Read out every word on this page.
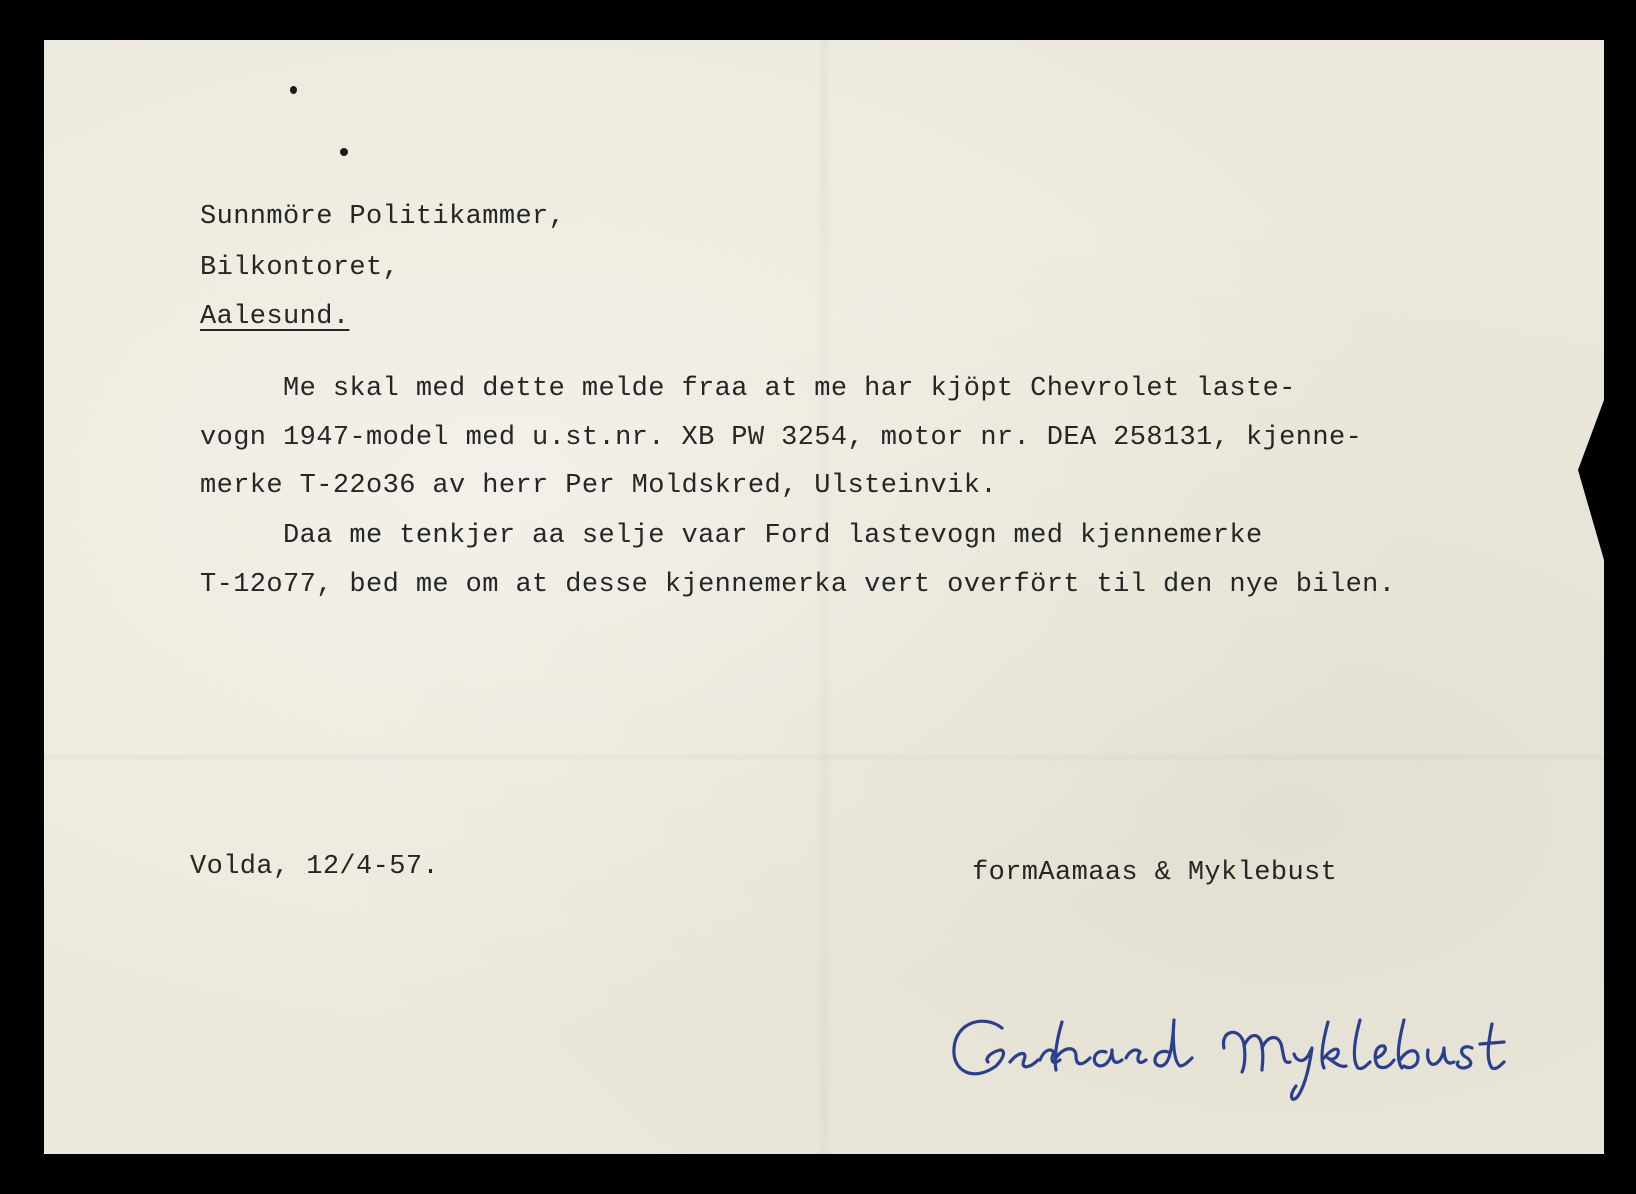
Sunnmöre Politikammer,
Bilkontoret,
Aalesund.
Me skal med dette melde fraa at me har kjöpt Chevrolet laste-
vogn 1947-model med u.st.nr. XB PW 3254, motor nr. DEA 258131, kjenne-
merke T-22o36 av herr Per Moldskred, Ulsteinvik.
Daa me tenkjer aa selje vaar Ford lastevogn med kjennemerke
T-12o77, bed me om at desse kjennemerka vert overfört til den nye bilen.
Volda, 12/4-57.	formAamaas & Myklebust
